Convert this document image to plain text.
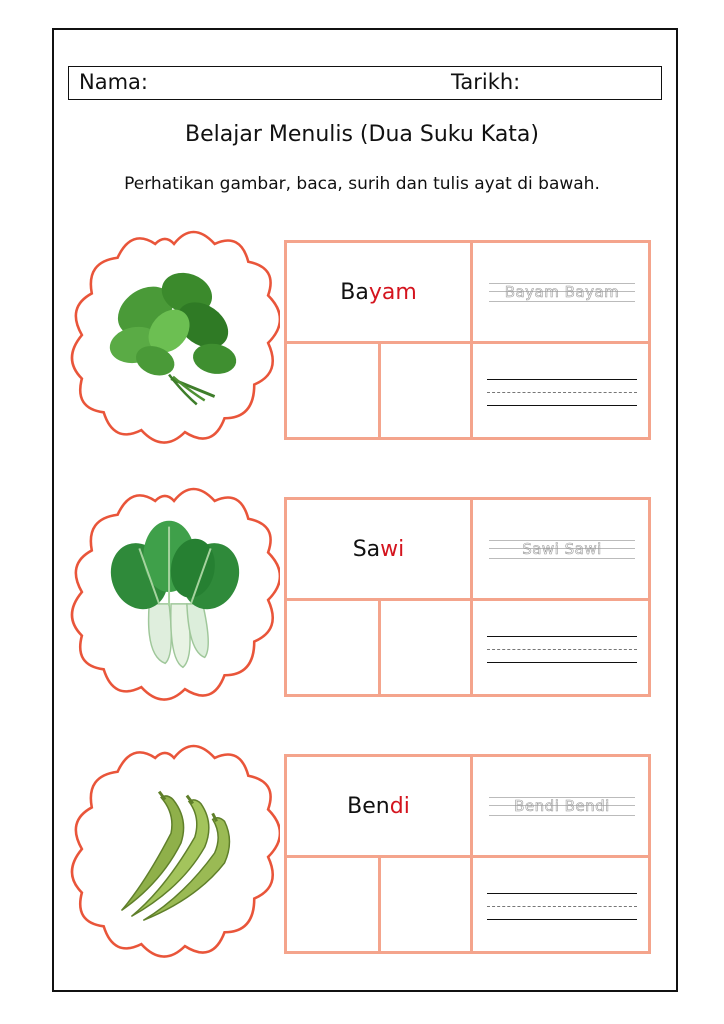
Nama:	Tarikh:
Belajar Menulis (Dua Suku Kata)
Perhatikan gambar, baca, surih dan tulis ayat di bawah.
Ba yam	Bayam Bayam
Sa wi	Sawi Sawi
Ben di	Bendi Bendi
